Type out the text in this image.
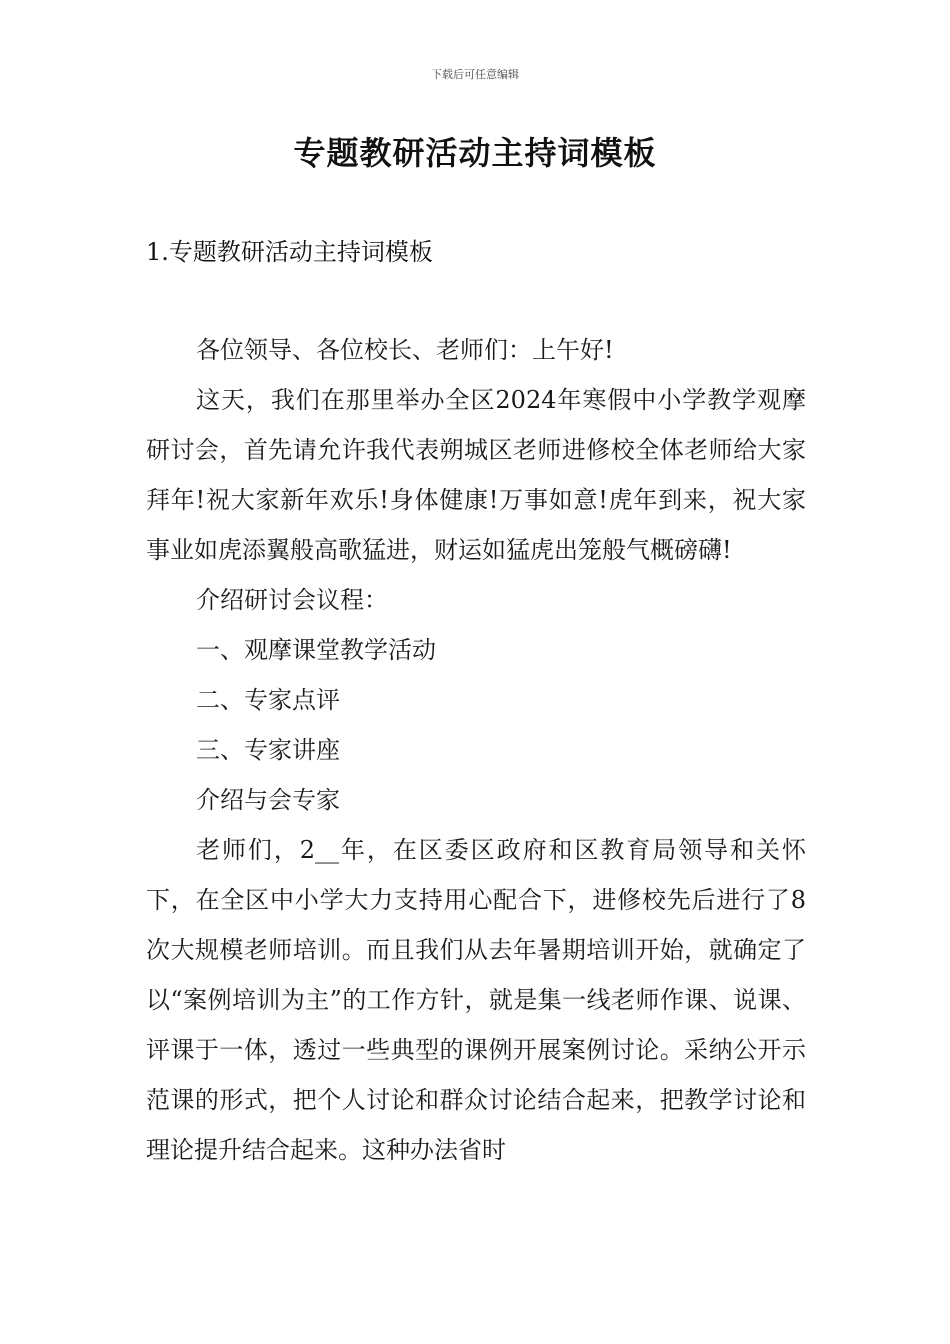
下载后可任意编辑
专题教研活动主持词模板
1.专题教研活动主持词模板

各位领导、各位校长、老师们：上午好!

这天，我们在那里举办全区2024年寒假中小学教学观摩研讨会，首先请允许我代表朔城区老师进修校全体老师给大家拜年!祝大家新年欢乐!身体健康!万事如意!虎年到来，祝大家事业如虎添翼般高歌猛进，财运如猛虎出笼般气概磅礴!

介绍研讨会议程：

一、观摩课堂教学活动

二、专家点评

三、专家讲座

介绍与会专家

老师们，2__年，在区委区政府和区教育局领导和关怀下，在全区中小学大力支持用心配合下，进修校先后进行了8次大规模老师培训。而且我们从去年暑期培训开始，就确定了以“案例培训为主”的工作方针，就是集一线老师作课、说课、评课于一体，透过一些典型的课例开展案例讨论。采纳公开示范课的形式，把个人讨论和群众讨论结合起来，把教学讨论和理论提升结合起来。这种办法省时
